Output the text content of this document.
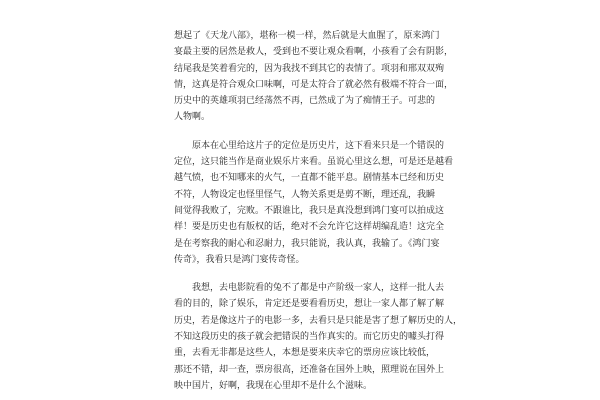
想起了《天龙八部》，堪称一模一样，然后就是大血腥了，原来鸿门
宴最主要的居然是救人，受到也不要让观众看啊，小孩看了会有阴影，
结尾我是笑着看完的，因为我找不到其它的表情了。项羽和邢双双殉
情，这真是符合观众口味啊，可是太符合了就必然有极端不符合一面，
历史中的英雄项羽已经荡然不再，已然成了为了痴情王子。可悲的
人物啊。

原本在心里给这片子的定位是历史片，这下看来只是一个错误的
定位，这只能当作是商业娱乐片来看。虽说心里这么想，可是还是越看
越气愤，也不知哪来的火气，一直都不能平息。剧情基本已经和历史
不符，人物设定也怪里怪气，人物关系更是剪不断，理还乱，我瞬
间觉得我败了，完败。不跟谁比，我只是真没想到鸿门宴可以拍成这
样！要是历史也有版权的话，绝对不会允许它这样胡编乱造！这完全
是在考察我的耐心和忍耐力，我只能说，我认真，我输了。《鸿门宴
传奇》，我看只是鸿门宴传奇怪。

我想，去电影院看的兔不了都是中产阶级一家人，这样一批人去
看的目的，除了娱乐，肯定还是要看看历史，想让一家人都了解了解
历史，若是像这片子的电影一多，去看只是只能是害了想了解历史的人，
不知这段历史的孩子就会把错误的当作真实的。而它历史的噱头打得
重，去看无非都是这些人，本想是要来庆幸它的票房应该比较低，
那还不错，却一查，票房很高，还准备在国外上映，照理说在国外上
映中国片，好啊，我现在心里却不是什么个滋味。
